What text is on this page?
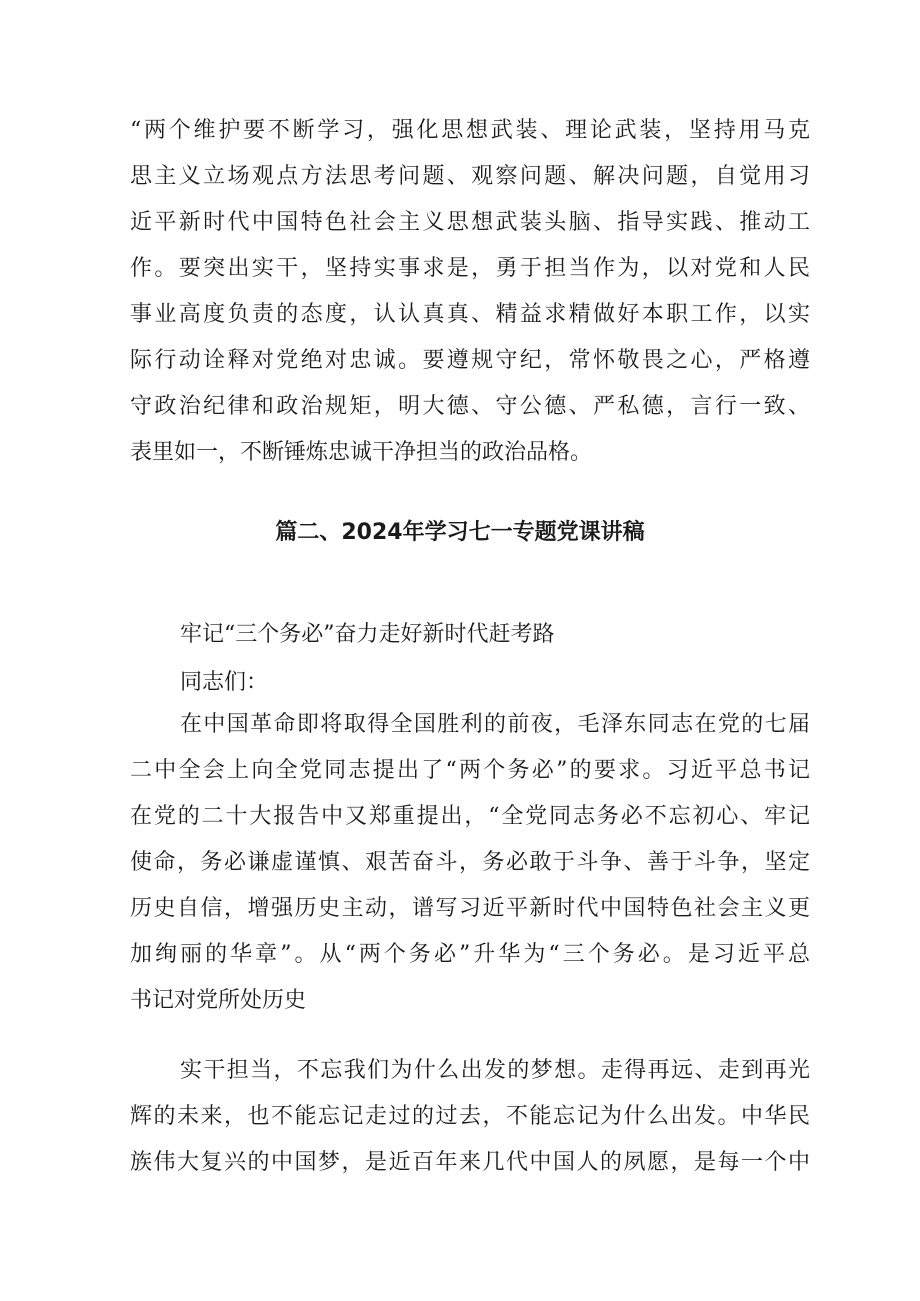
“两个维护要不断学习，强化思想武装、理论武装，坚持用马克
思主义立场观点方法思考问题、观察问题、解决问题，自觉用习
近平新时代中国特色社会主义思想武装头脑、指导实践、推动工
作。要突出实干，坚持实事求是，勇于担当作为，以对党和人民
事业高度负责的态度，认认真真、精益求精做好本职工作，以实
际行动诠释对党绝对忠诚。要遵规守纪，常怀敬畏之心，严格遵
守政治纪律和政治规矩，明大德、守公德、严私德，言行一致、
表里如一，不断锤炼忠诚干净担当的政治品格。
篇二、2024年学习七一专题党课讲稿
牢记“三个务必”奋力走好新时代赶考路
同志们：
在中国革命即将取得全国胜利的前夜，毛泽东同志在党的七届
二中全会上向全党同志提出了“两个务必”的要求。习近平总书记
在党的二十大报告中又郑重提出，“全党同志务必不忘初心、牢记
使命，务必谦虚谨慎、艰苦奋斗，务必敢于斗争、善于斗争，坚定
历史自信，增强历史主动，谱写习近平新时代中国特色社会主义更
加绚丽的华章”。从“两个务必”升华为“三个务必。是习近平总
书记对党所处历史
实干担当，不忘我们为什么出发的梦想。走得再远、走到再光
辉的未来，也不能忘记走过的过去，不能忘记为什么出发。中华民
族伟大复兴的中国梦，是近百年来几代中国人的夙愿，是每一个中
